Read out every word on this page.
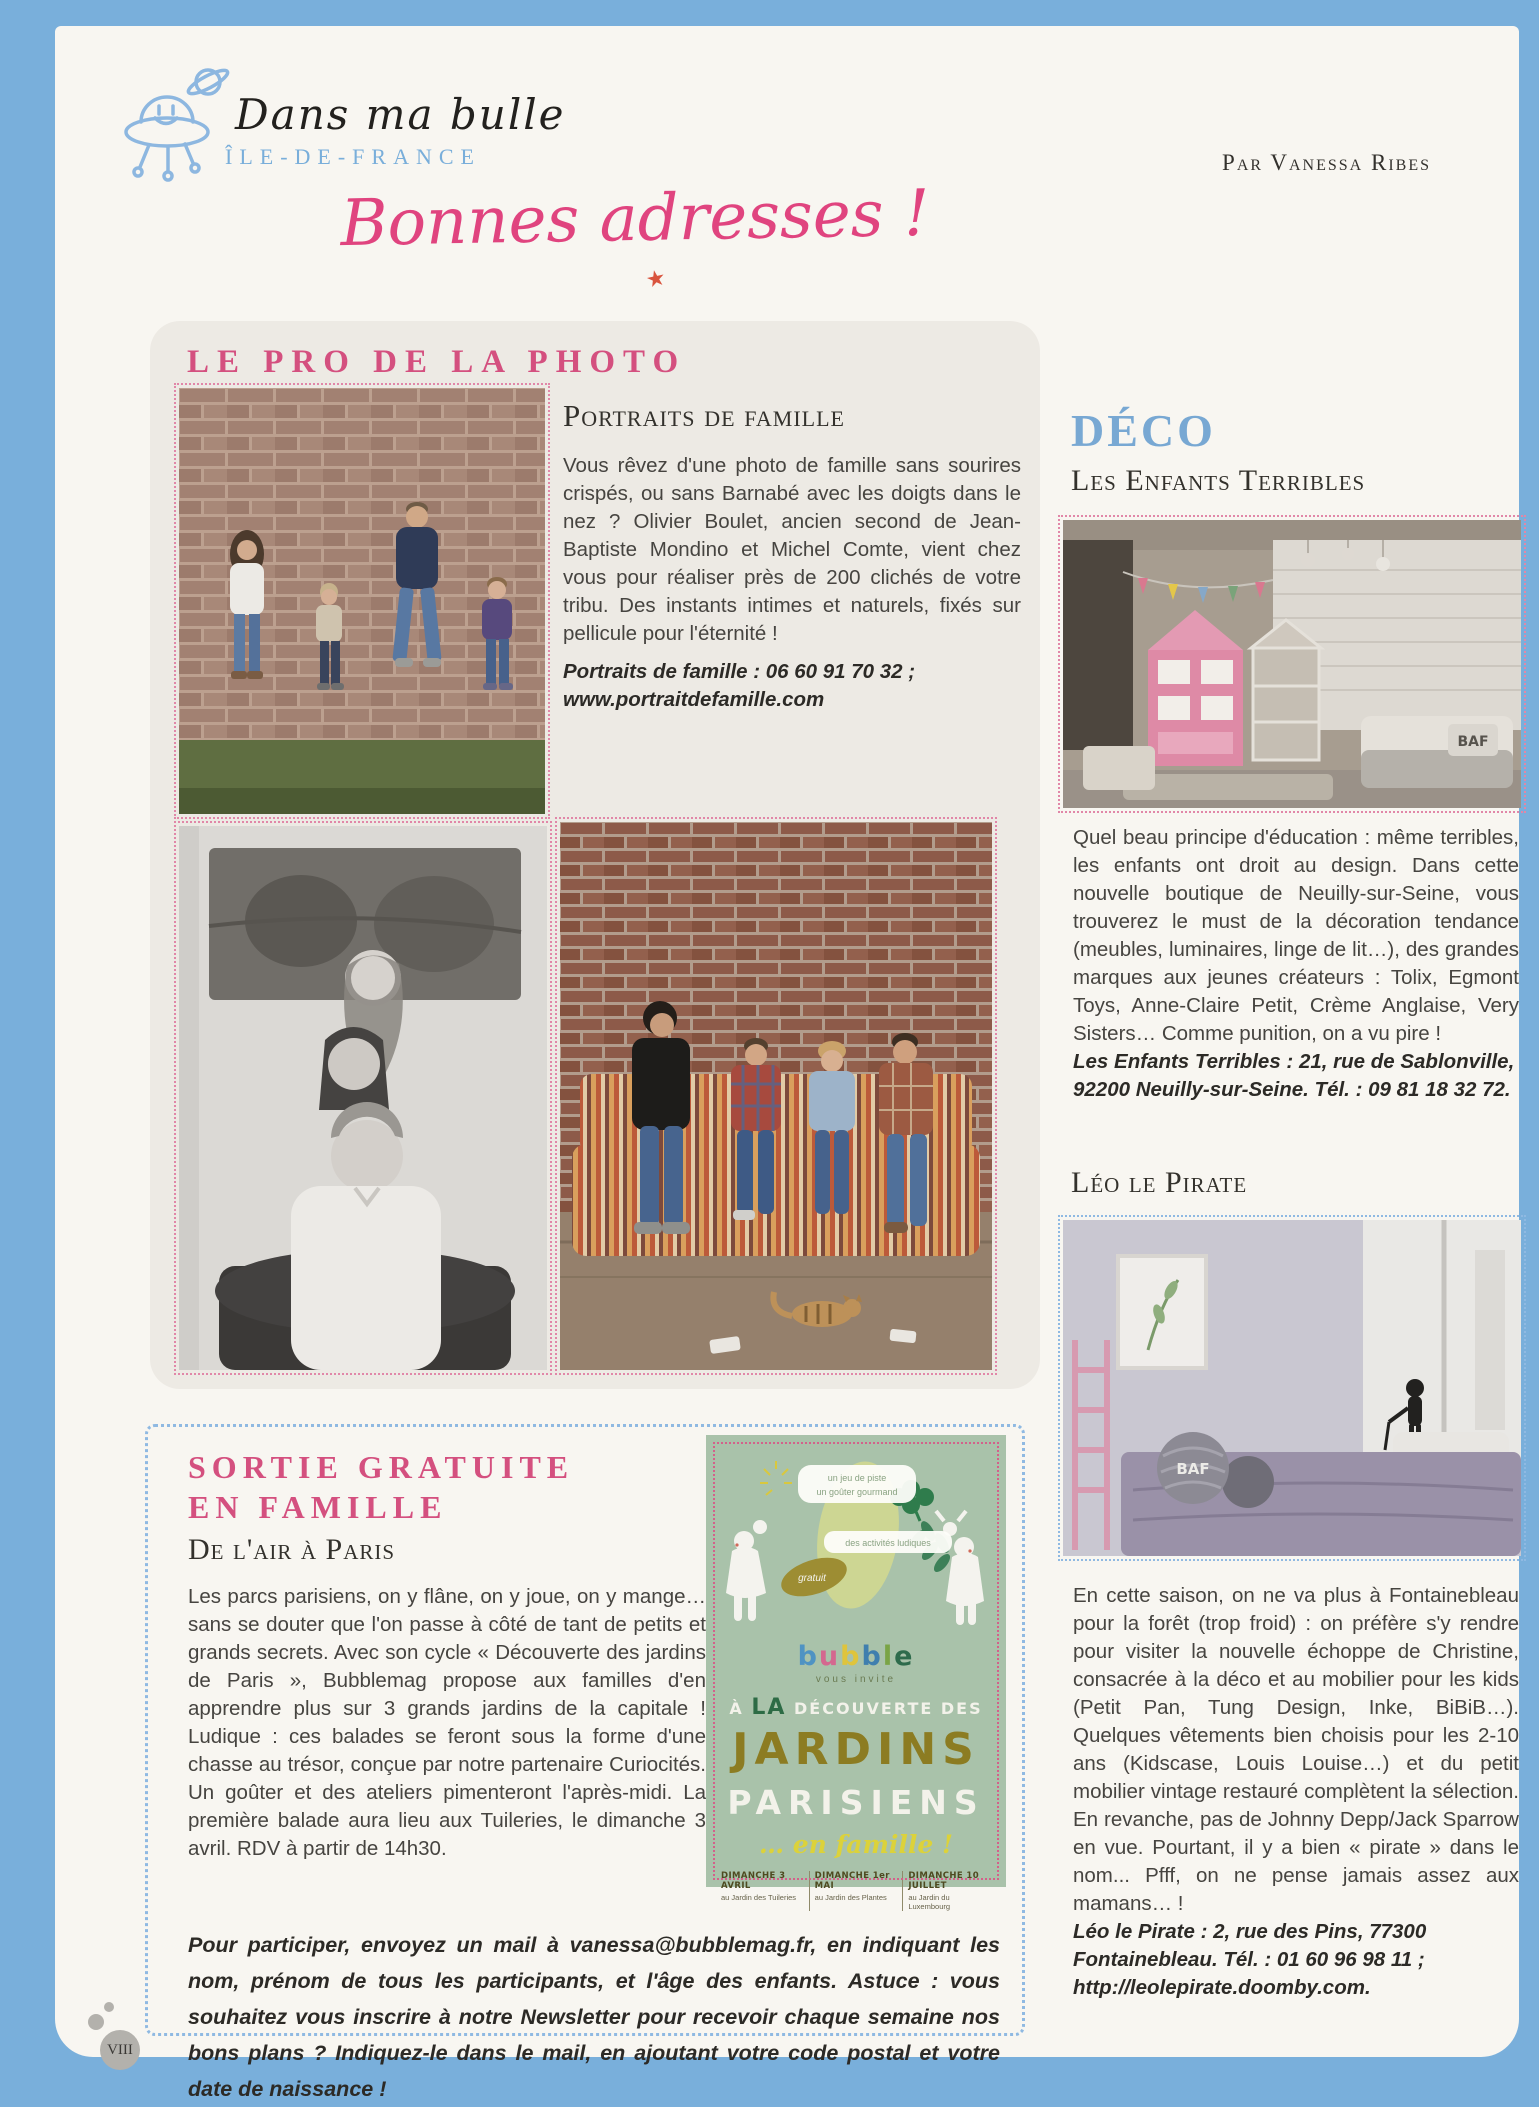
Dans ma bulle
ÎLE-DE-FRANCE	Par Vanessa Ribes
Bonnes adresses !
★
LE PRO DE LA PHOTO
Portraits de famille

Vous rêvez d'une photo de famille sans sourires crispés, ou sans Barnabé avec les doigts dans le nez ? Olivier Boulet, ancien second de Jean-Baptiste Mondino et Michel Comte, vient chez vous pour réaliser près de 200 clichés de votre tribu. Des instants intimes et naturels, fixés sur pellicule pour l'éternité !

Portraits de famille : 06 60 91 70 32 ;

www.portraitdefamille.com

DÉCO
Les Enfants Terribles
BAF

Quel beau principe d'éducation : même terribles, les enfants ont droit au design. Dans cette nouvelle boutique de Neuilly-sur-Seine, vous trouverez le must de la décoration tendance (meubles, luminaires, linge de lit…), des grandes marques aux jeunes créateurs : Tolix, Egmont Toys, Anne-Claire Petit, Crème Anglaise, Very Sisters… Comme punition, on a vu pire !

Les Enfants Terribles : 21, rue de Sablonville, 92200 Neuilly-sur-Seine. Tél. : 09 81 18 32 72.

Léo le Pirate
BAF

En cette saison, on ne va plus à Fontainebleau pour la forêt (trop froid) : on préfère s'y rendre pour visiter la nouvelle échoppe de Christine, consacrée à la déco et au mobilier pour les kids (Petit Pan, Tung Design, Inke, BiBiB…). Quelques vêtements bien choisis pour les 2-10 ans (Kidscase, Louis Louise…) et du petit mobilier vintage restauré complètent la sélection. En revanche, pas de Johnny Depp/Jack Sparrow en vue. Pourtant, il y a bien « pirate » dans le nom... Pfff, on ne pense jamais assez aux mamans… !

Léo le Pirate : 2, rue des Pins, 77300 Fontainebleau. Tél. : 01 60 96 98 11 ; http://leolepirate.doomby.com.

SORTIE GRATUITE
EN FAMILLE
De l'air à Paris

Les parcs parisiens, on y flâne, on y joue, on y mange… sans se douter que l'on passe à côté de tant de petits et grands secrets. Avec son cycle « Découverte des jardins de Paris », Bubblemag propose aux familles d'en apprendre plus sur 3 grands jardins de la capitale ! Ludique : ces balades se feront sous la forme d'une chasse au trésor, conçue par notre partenaire Curiocités. Un goûter et des ateliers pimenteront l'après-midi. La première balade aura lieu aux Tuileries, le dimanche 3 avril. RDV à partir de 14h30.

Pour participer, envoyez un mail à vanessa@bubblemag.fr, en indiquant les nom, prénom de tous les participants, et l'âge des enfants. Astuce : vous souhaitez vous inscrire à notre Newsletter pour recevoir chaque semaine nos bons plans ? Indiquez-le dans le mail, en ajoutant votre code postal et votre date de naissance !

un jeu de piste
un goûter gourmand
des activités ludiques
gratuit
bubble
vous invite
À LA DÉCOUVERTE DES
JARDINS
PARISIENS
… en famille !
DIMANCHE 3 AVRIL
au Jardin des Tuileries
DIMANCHE 1er MAI
au Jardin des Plantes
DIMANCHE 10 JUILLET
au Jardin du Luxembourg
VIII
